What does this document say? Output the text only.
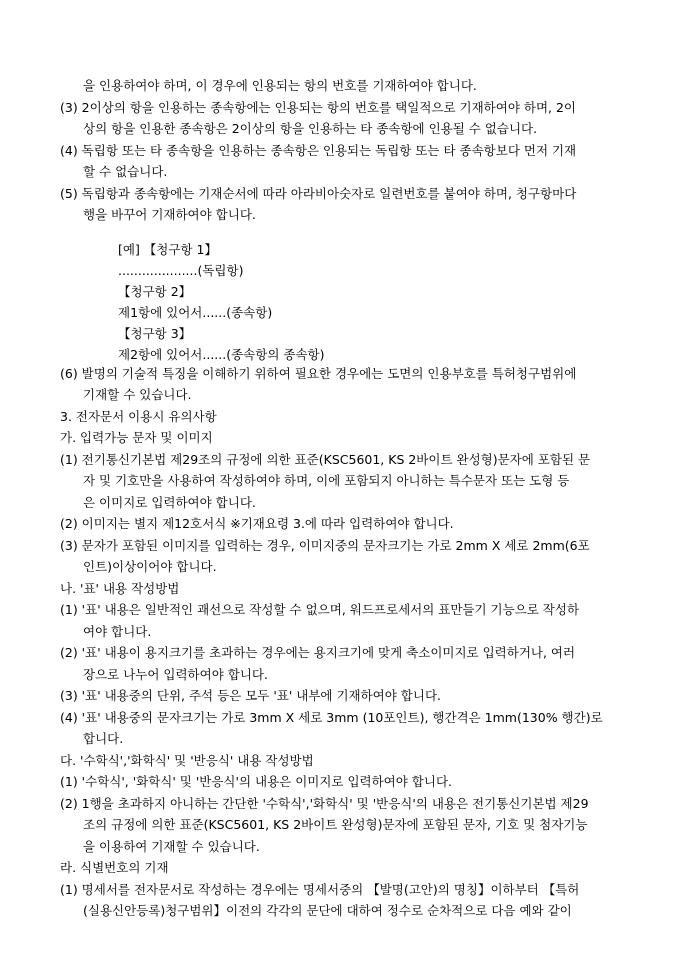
을 인용하여야 하며, 이 경우에 인용되는 항의 번호를 기재하여야 합니다.
(3) 2이상의 항을 인용하는 종속항에는 인용되는 항의 번호를 택일적으로 기재하여야 하며, 2이
상의 항을 인용한 종속항은 2이상의 항을 인용하는 타 종속항에 인용될 수 없습니다.
(4) 독립항 또는 타 종속항을 인용하는 종속항은 인용되는 독립항 또는 타 종속항보다 먼저 기재
할 수 없습니다.
(5) 독립항과 종속항에는 기재순서에 따라 아라비아숫자로 일련번호를 붙여야 하며, 청구항마다
행을 바꾸어 기재하여야 합니다.
[예] 【청구항 1】
....................(독립항)
【청구항 2】
제1항에 있어서......(종속항)
【청구항 3】
제2항에 있어서......(종속항의 종속항)
(6) 발명의 기술적 특징을 이해하기 위하여 필요한 경우에는 도면의 인용부호를 특허청구범위에
기재할 수 있습니다.
3. 전자문서 이용시 유의사항
가. 입력가능 문자 및 이미지
(1) 전기통신기본법 제29조의 규정에 의한 표준(KSC5601, KS 2바이트 완성형)문자에 포함된 문
자 및 기호만을 사용하여 작성하여야 하며, 이에 포함되지 아니하는 특수문자 또는 도형 등
은 이미지로 입력하여야 합니다.
(2) 이미지는 별지 제12호서식 ※기재요령 3.에 따라 입력하여야 합니다.
(3) 문자가 포함된 이미지를 입력하는 경우, 이미지중의 문자크기는 가로 2mm X 세로 2mm(6포
인트)이상이어야 합니다.
나. '표' 내용 작성방법
(1) '표' 내용은 일반적인 괘선으로 작성할 수 없으며, 워드프로세서의 표만들기 기능으로 작성하
여야 합니다.
(2) '표' 내용이 용지크기를 초과하는 경우에는 용지크기에 맞게 축소이미지로 입력하거나, 여러
장으로 나누어 입력하여야 합니다.
(3) '표' 내용중의 단위, 주석 등은 모두 '표' 내부에 기재하여야 합니다.
(4) '표' 내용중의 문자크기는 가로 3mm X 세로 3mm (10포인트), 행간격은 1mm(130% 행간)로
합니다.
다. '수학식','화학식' 및 '반응식' 내용 작성방법
(1) '수학식', '화학식' 및 '반응식'의 내용은 이미지로 입력하여야 합니다.
(2) 1행을 초과하지 아니하는 간단한 '수학식','화학식' 및 '반응식'의 내용은 전기통신기본법 제29
조의 규정에 의한 표준(KSC5601, KS 2바이트 완성형)문자에 포함된 문자, 기호 및 첨자기능
을 이용하여 기재할 수 있습니다.
라. 식별번호의 기재
(1) 명세서를 전자문서로 작성하는 경우에는 명세서중의 【발명(고안)의 명칭】이하부터 【특허
(실용신안등록)청구범위】이전의 각각의 문단에 대하여 정수로 순차적으로 다음 예와 같이
